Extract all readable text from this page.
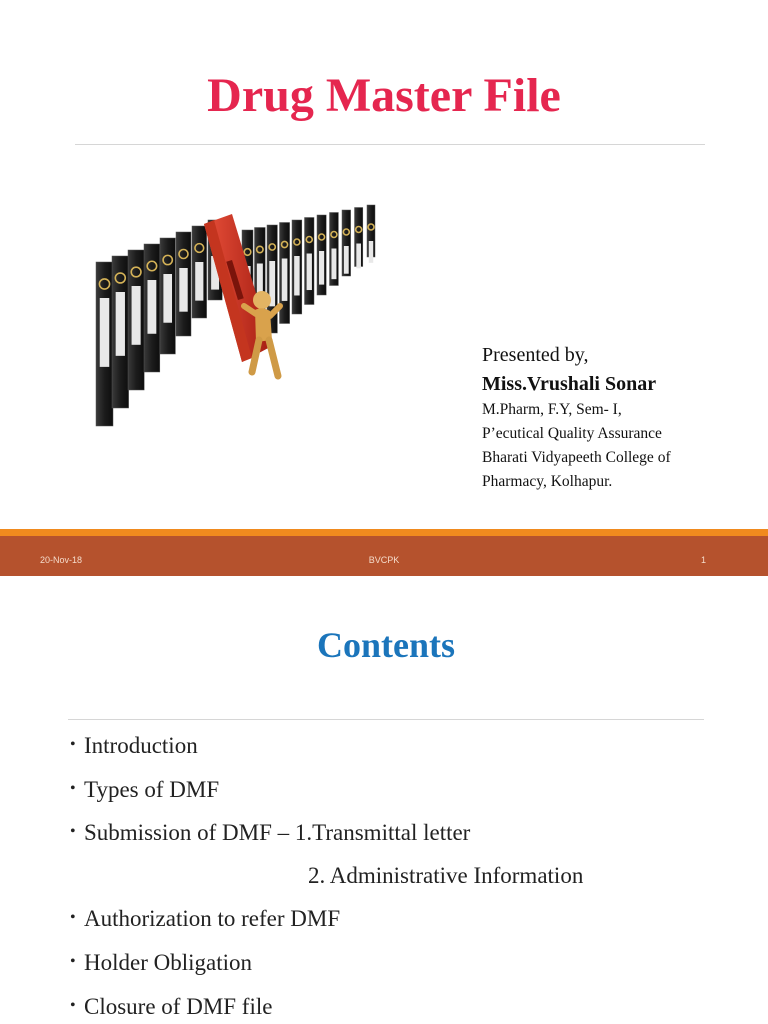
Drug Master File
Presented by,
Miss.Vrushali Sonar
M.Pharm, F.Y, Sem- I,
P’ecutical Quality Assurance
Bharati Vidyapeeth College of
Pharmacy, Kolhapur.
20-Nov-18	BVCPK	1
Contents
• Introduction
• Types of DMF
• Submission of DMF – 1.Transmittal letter
2. Administrative Information
• Authorization to refer DMF
• Holder Obligation
• Closure of DMF file
